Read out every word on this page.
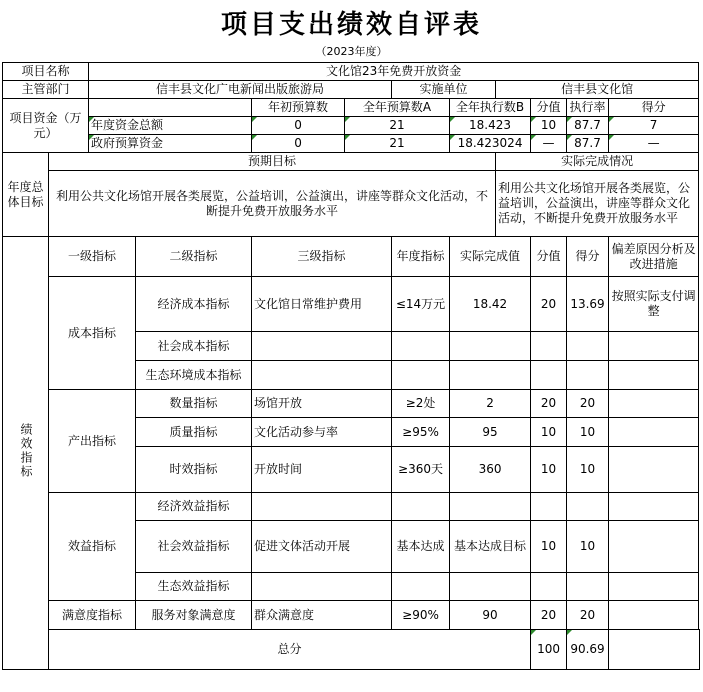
项目支出绩效自评表
（2023年度）
项目名称		文化馆23年免费开放资金									
主管部门		信丰县文化广电新闻出版旅游局				实施单位		信丰县文化馆			
项目资金（万元）				年初预算数	全年预算数A		全年执行数B		分值	执行率	得分
		年度资金总额		0	21		18.423		10	87.7	7
		政府预算资金		0	21		18.423024		—	87.7	—
年度总体目标	预期目标							实际完成情况			
	利用公共文化场馆开展各类展览，公益培训，公益演出，讲座等群众文化活动，不断提升免费开放服务水平							利用公共文化场馆开展各类展览，公益培训，公益演出，讲座等群众文化活动，不断提升免费开放服务水平			
绩效指标	一级指标		二级指标	三级指标		年度指标	实际完成值		分值	得分	偏差原因分析及改进措施
	成本指标		经济成本指标	文化馆日常维护费用		≤14万元	18.42		20	13.69	按照实际支付调整
			社会成本指标								
			生态环境成本指标								
	产出指标		数量指标	场馆开放		≥2处	2		20	20	
			质量指标	文化活动参与率		≥95%	95		10	10	
			时效指标	开放时间		≥360天	360		10	10	
	效益指标		经济效益指标								
			社会效益指标	促进文体活动开展		基本达成	基本达成目标		10	10	
			生态效益指标								
	满意度指标		服务对象满意度	群众满意度		≥90%	90		20	20	
	总分								100	90.69	
